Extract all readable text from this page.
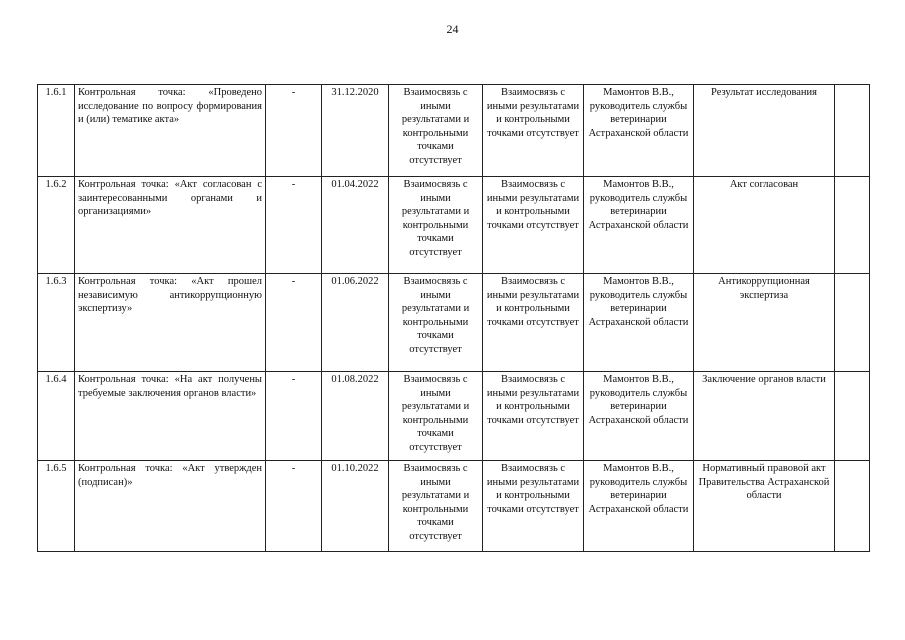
24
1.6.1	Контрольная точка: «Проведено исследование по вопросу формирования и (или) тематике акта»	-	31.12.2020	Взаимосвязь с иными результатами и контрольными точками отсутствует	Взаимосвязь с иными результатами и контрольными точками отсутствует	Мамонтов В.В., руководитель службы ветеринарии Астраханской области	Результат исследования	
1.6.2	Контрольная точка: «Акт согласован с заинтересованными органами и организациями»	-	01.04.2022	Взаимосвязь с иными результатами и контрольными точками отсутствует	Взаимосвязь с иными результатами и контрольными точками отсутствует	Мамонтов В.В., руководитель службы ветеринарии Астраханской области	Акт согласован	
1.6.3	Контрольная точка: «Акт прошел независимую антикоррупционную экспертизу»	-	01.06.2022	Взаимосвязь с иными результатами и контрольными точками отсутствует	Взаимосвязь с иными результатами и контрольными точками отсутствует	Мамонтов В.В., руководитель службы ветеринарии Астраханской области	Антикоррупционная экспертиза	
1.6.4	Контрольная точка: «На акт получены требуемые заключения органов власти»	-	01.08.2022	Взаимосвязь с иными результатами и контрольными точками отсутствует	Взаимосвязь с иными результатами и контрольными точками отсутствует	Мамонтов В.В., руководитель службы ветеринарии Астраханской области	Заключение органов власти	
1.6.5	Контрольная точка: «Акт утвержден (подписан)»	-	01.10.2022	Взаимосвязь с иными результатами и контрольными точками отсутствует	Взаимосвязь с иными результатами и контрольными точками отсутствует	Мамонтов В.В., руководитель службы ветеринарии Астраханской области	Нормативный правовой акт Правительства Астраханской области	
